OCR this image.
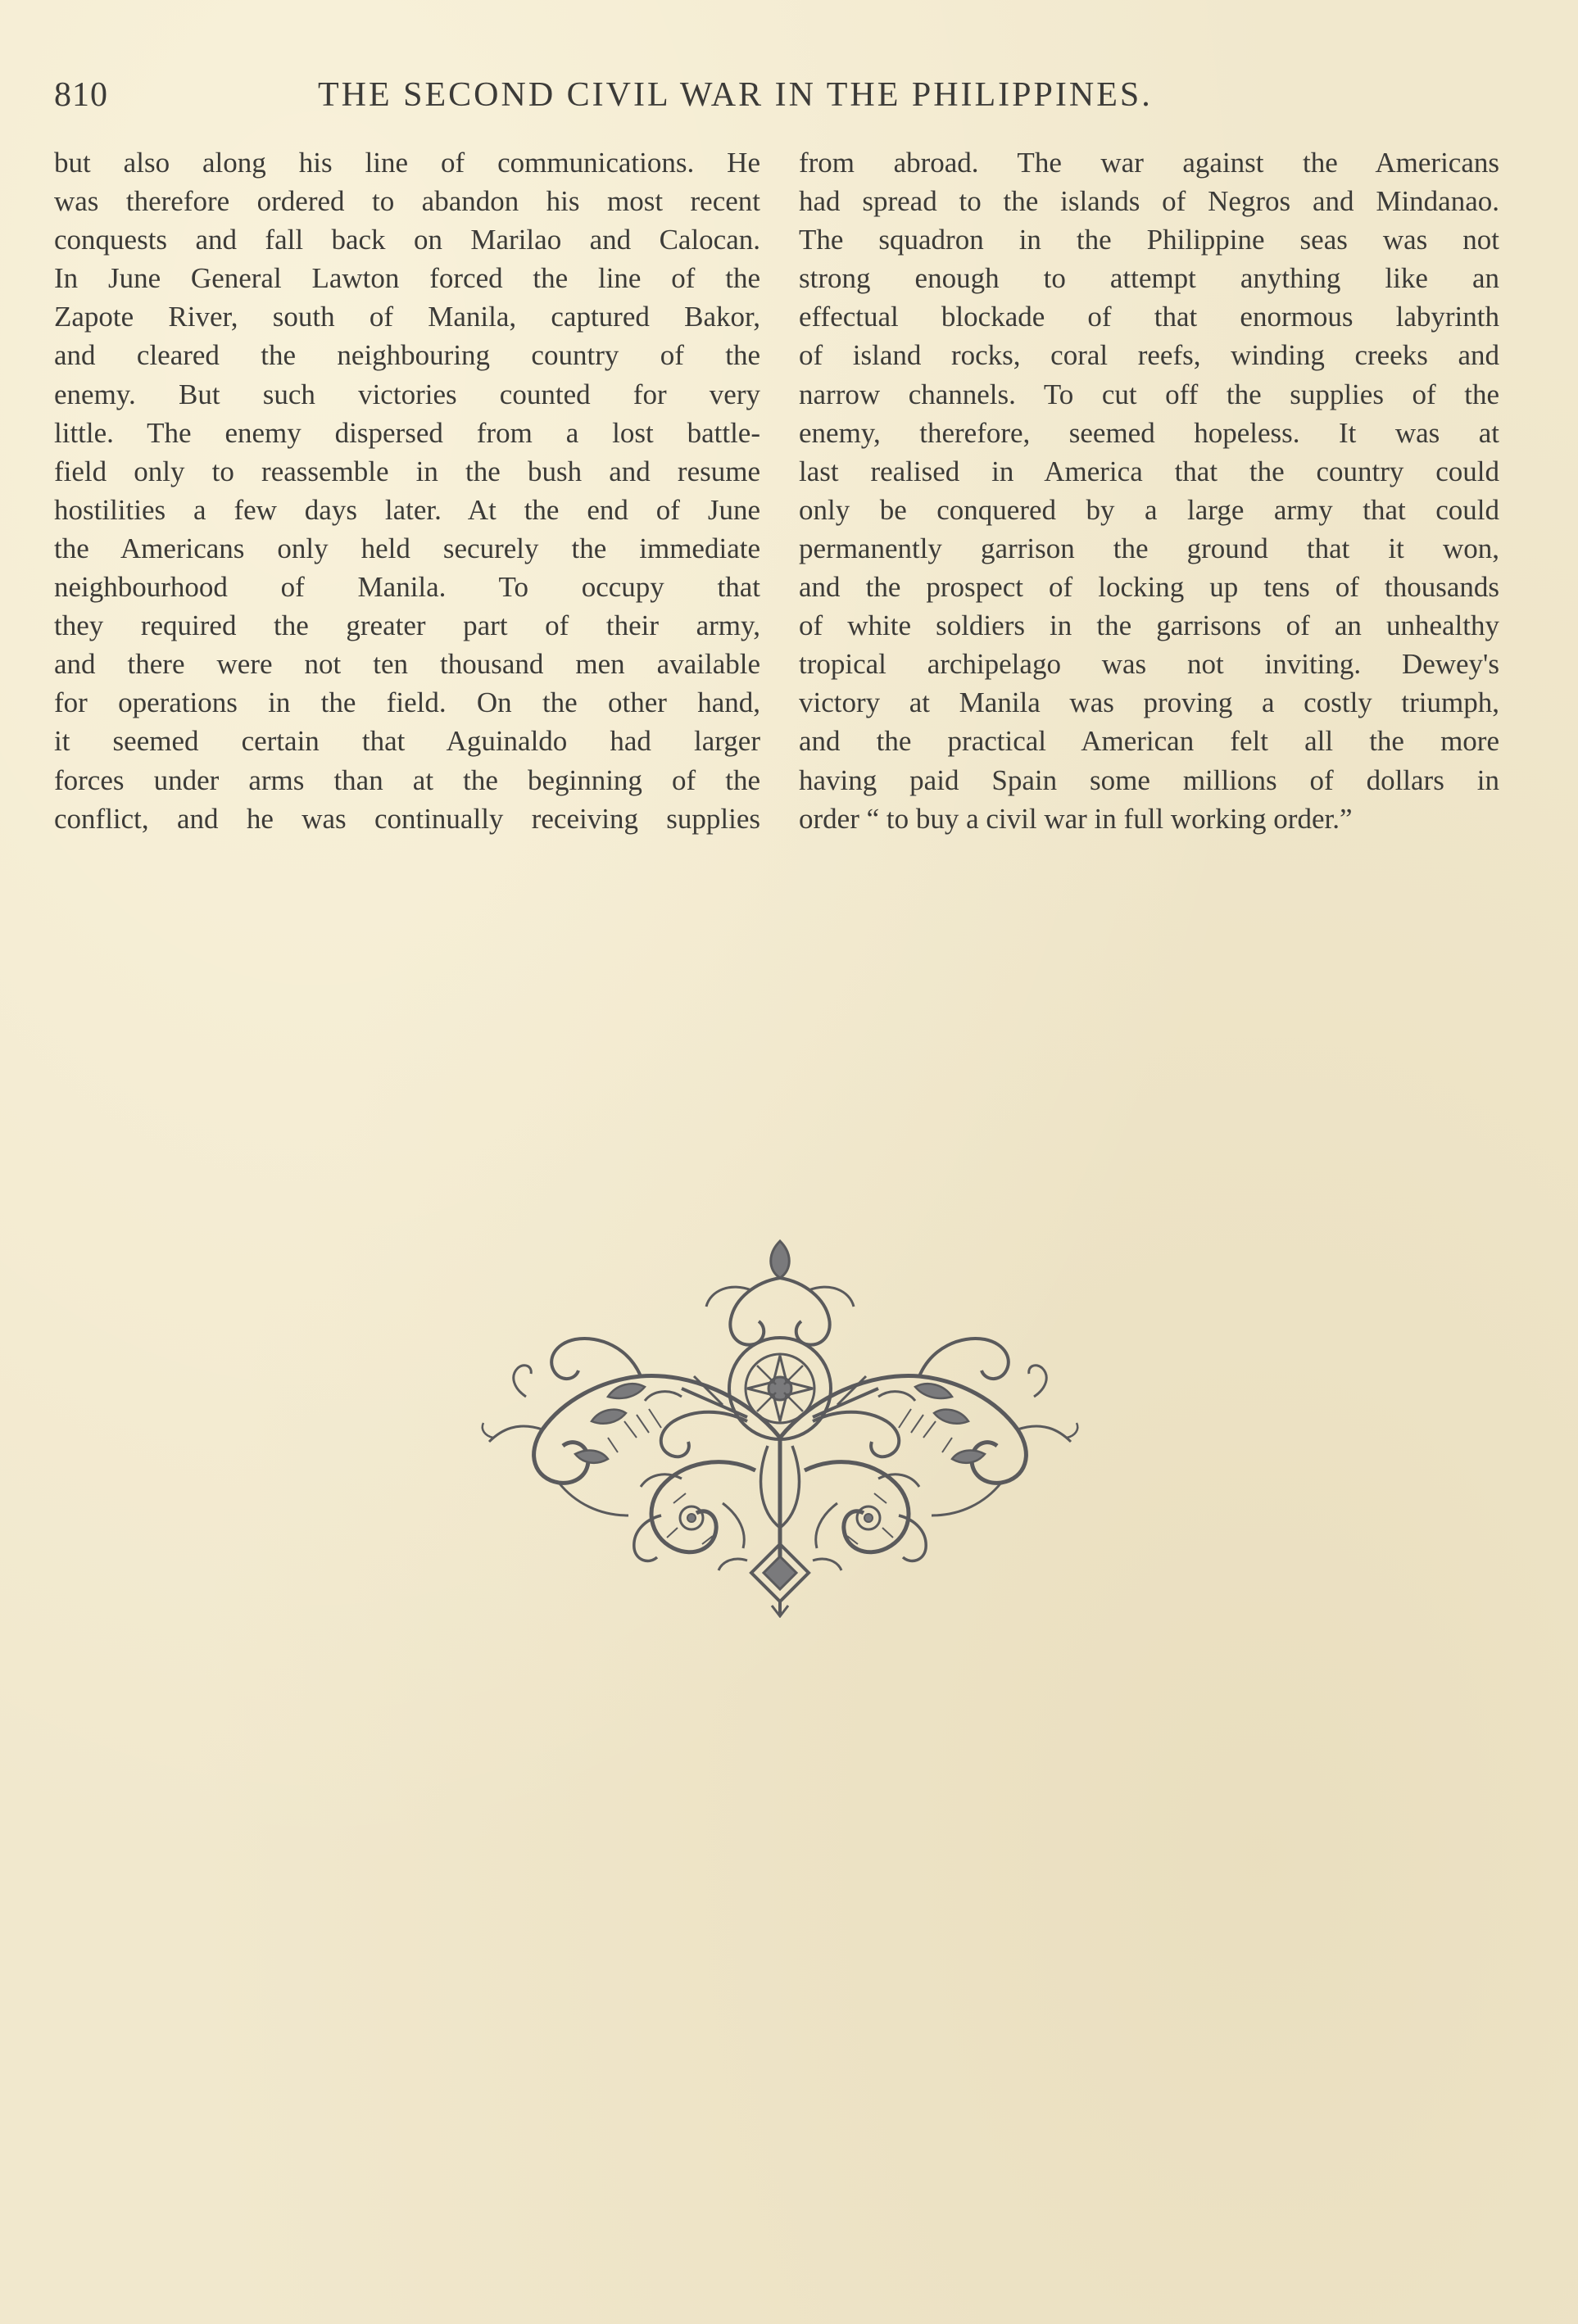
810	THE SECOND CIVIL WAR IN THE PHILIPPINES.
but also along his line of communications. He
was therefore ordered to abandon his most recent
conquests and fall back on Marilao and Calocan.
In June General Lawton forced the line of the
Zapote River, south of Manila, captured Bakor,
and cleared the neighbouring country of the
enemy. But such victories counted for very
little. The enemy dispersed from a lost battle-
field only to reassemble in the bush and resume
hostilities a few days later. At the end of June
the Americans only held securely the immediate
neighbourhood of Manila. To occupy that
they required the greater part of their army,
and there were not ten thousand men available
for operations in the field. On the other hand,
it seemed certain that Aguinaldo had larger
forces under arms than at the beginning of the
conflict, and he was continually receiving supplies
from abroad. The war against the Americans
had spread to the islands of Negros and Mindanao.
The squadron in the Philippine seas was not
strong enough to attempt anything like an
effectual blockade of that enormous labyrinth
of island rocks, coral reefs, winding creeks and
narrow channels. To cut off the supplies of the
enemy, therefore, seemed hopeless. It was at
last realised in America that the country could
only be conquered by a large army that could
permanently garrison the ground that it won,
and the prospect of locking up tens of thousands
of white soldiers in the garrisons of an unhealthy
tropical archipelago was not inviting. Dewey's
victory at Manila was proving a costly triumph,
and the practical American felt all the more
having paid Spain some millions of dollars in
order “ to buy a civil war in full working order.”
